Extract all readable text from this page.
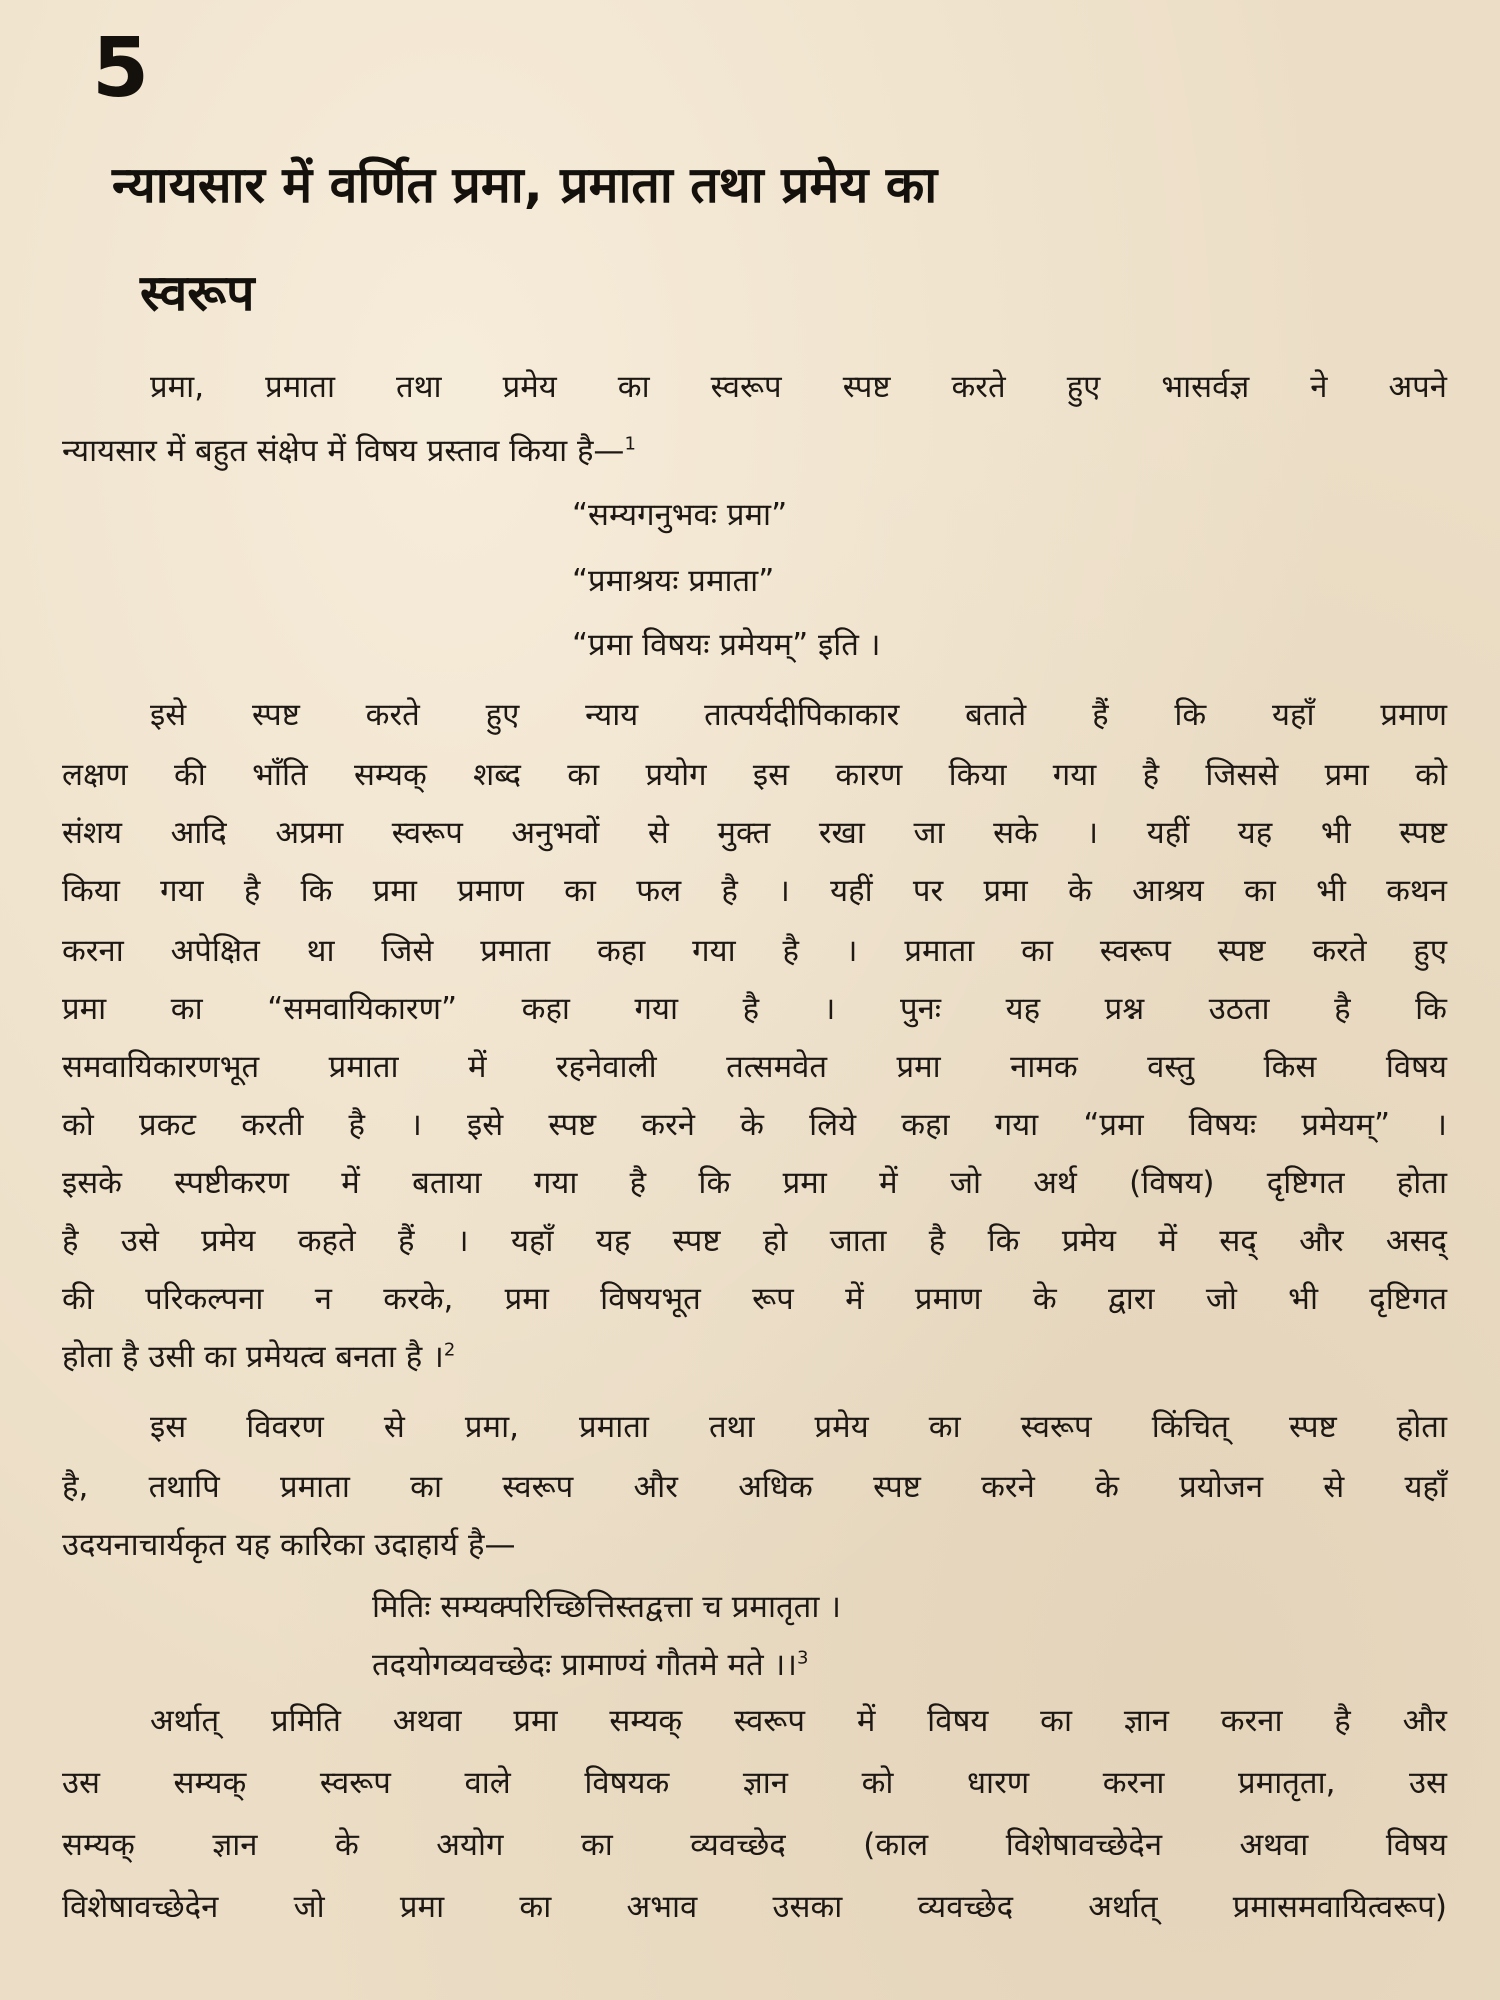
5
न्यायसार में वर्णित प्रमा, प्रमाता तथा प्रमेय का
स्वरूप
प्रमा, प्रमाता तथा प्रमेय का स्वरूप स्पष्ट करते हुए भासर्वज्ञ ने अपने
न्यायसार में बहुत संक्षेप में विषय प्रस्ताव किया है—$^1$
“सम्यगनुभवः प्रमा”
“प्रमाश्रयः प्रमाता”
“प्रमा विषयः प्रमेयम्” इति ।
इसे स्पष्ट करते हुए न्याय तात्पर्यदीपिकाकार बताते हैं कि यहाँ प्रमाण
लक्षण की भाँति सम्यक् शब्द का प्रयोग इस कारण किया गया है जिससे प्रमा को
संशय आदि अप्रमा स्वरूप अनुभवों से मुक्त रखा जा सके । यहीं यह भी स्पष्ट
किया गया है कि प्रमा प्रमाण का फल है । यहीं पर प्रमा के आश्रय का भी कथन
करना अपेक्षित था जिसे प्रमाता कहा गया है । प्रमाता का स्वरूप स्पष्ट करते हुए
प्रमा का “समवायिकारण” कहा गया है । पुनः यह प्रश्न उठता है कि
समवायिकारणभूत प्रमाता में रहनेवाली तत्समवेत प्रमा नामक वस्तु किस विषय
को प्रकट करती है । इसे स्पष्ट करने के लिये कहा गया “प्रमा विषयः प्रमेयम्” ।
इसके स्पष्टीकरण में बताया गया है कि प्रमा में जो अर्थ (विषय) दृष्टिगत होता
है उसे प्रमेय कहते हैं । यहाँ यह स्पष्ट हो जाता है कि प्रमेय में सद् और असद्
की परिकल्पना न करके, प्रमा विषयभूत रूप में प्रमाण के द्वारा जो भी दृष्टिगत
होता है उसी का प्रमेयत्व बनता है ।$^2$
इस विवरण से प्रमा, प्रमाता तथा प्रमेय का स्वरूप किंचित् स्पष्ट होता
है, तथापि प्रमाता का स्वरूप और अधिक स्पष्ट करने के प्रयोजन से यहाँ
उदयनाचार्यकृत यह कारिका उदाहार्य है—
मितिः सम्यक्परिच्छित्तिस्तद्वत्ता च प्रमातृता ।
तदयोगव्यवच्छेदः प्रामाण्यं गौतमे मते ।।$^3$
अर्थात् प्रमिति अथवा प्रमा सम्यक् स्वरूप में विषय का ज्ञान करना है और
उस सम्यक् स्वरूप वाले विषयक ज्ञान को धारण करना प्रमातृता, उस
सम्यक् ज्ञान के अयोग का व्यवच्छेद (काल विशेषावच्छेदेन अथवा विषय
विशेषावच्छेदेन जो प्रमा का अभाव उसका व्यवच्छेद अर्थात् प्रमासमवायित्वरूप)
